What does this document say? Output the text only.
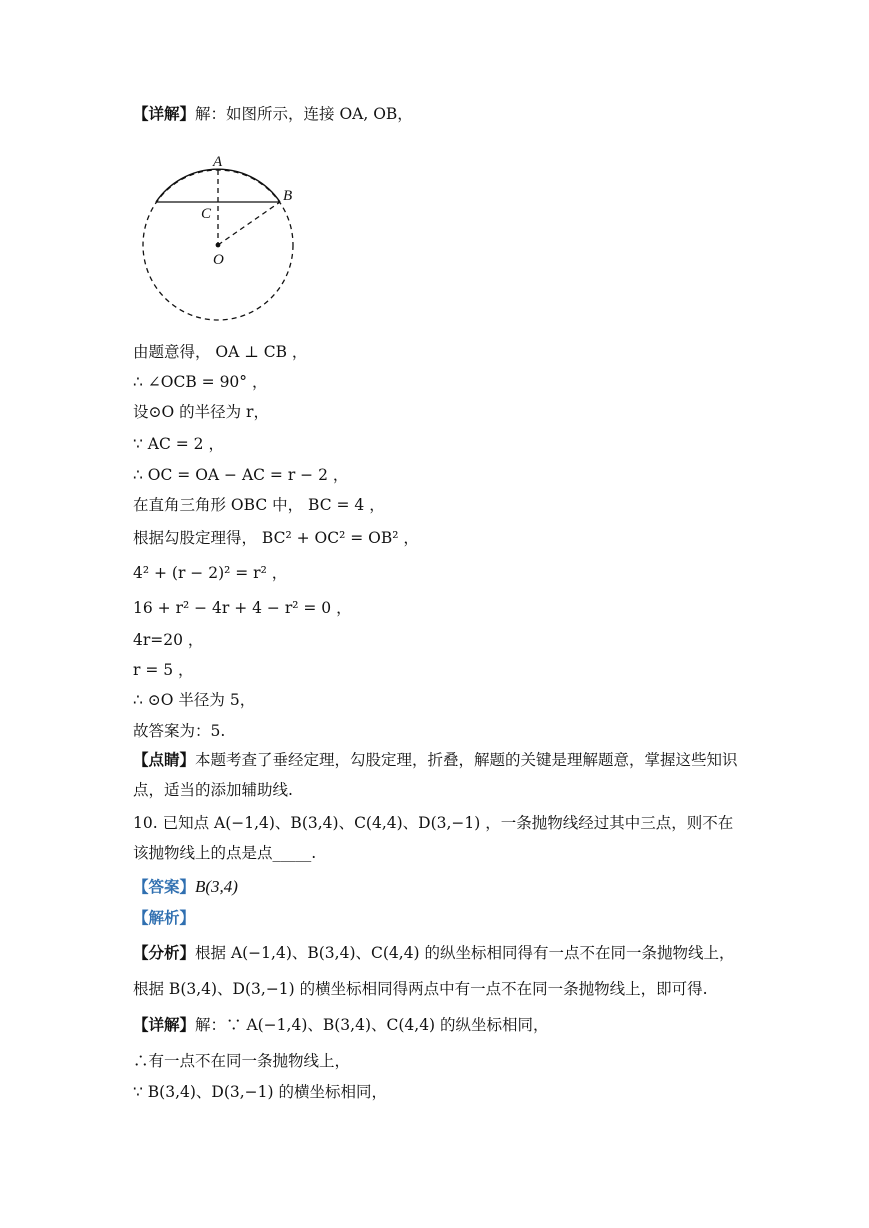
【详解】解：如图所示，连接 OA, OB，
A
B
C
O
由题意得， OA ⊥ CB ，
∴ ∠OCB = 90° ，
设⊙O 的半径为 r，
∵ AC = 2 ，
∴ OC = OA − AC = r − 2 ，
在直角三角形 OBC 中， BC = 4 ，
根据勾股定理得， BC² + OC² = OB² ，
4² + (r − 2)² = r² ，
16 + r² − 4r + 4 − r² = 0 ，
4r=20 ，
r = 5 ，
∴ ⊙O 半径为 5，
故答案为：5.
【点睛】本题考查了垂经定理，勾股定理，折叠，解题的关键是理解题意，掌握这些知识点，适当的添加辅助线.
10. 已知点 A(−1,4)、B(3,4)、C(4,4)、D(3,−1) ，一条抛物线经过其中三点，则不在该抛物线上的点是点_____.
【答案】B(3,4)
【解析】
【分析】根据 A(−1,4)、B(3,4)、C(4,4) 的纵坐标相同得有一点不在同一条抛物线上，
根据 B(3,4)、D(3,−1) 的横坐标相同得两点中有一点不在同一条抛物线上，即可得.
【详解】解：∵ A(−1,4)、B(3,4)、C(4,4) 的纵坐标相同，
∴有一点不在同一条抛物线上，
∵ B(3,4)、D(3,−1) 的横坐标相同，
